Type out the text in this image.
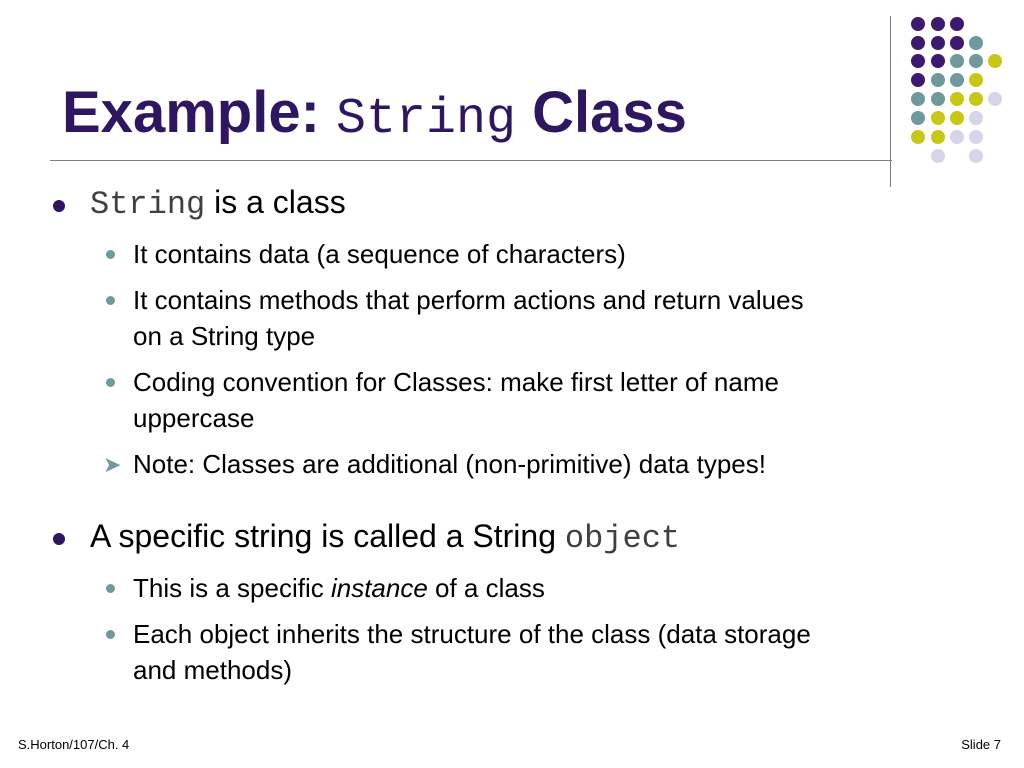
Example: String Class
String is a class
It contains data (a sequence of characters)
It contains methods that perform actions and return values
on a String type
Coding convention for Classes: make first letter of name
uppercase
➤ Note: Classes are additional (non-primitive) data types!
A specific string is called a String object
This is a specific instance of a class
Each object inherits the structure of the class (data storage
and methods)
S.Horton/107/Ch. 4	Slide 7
